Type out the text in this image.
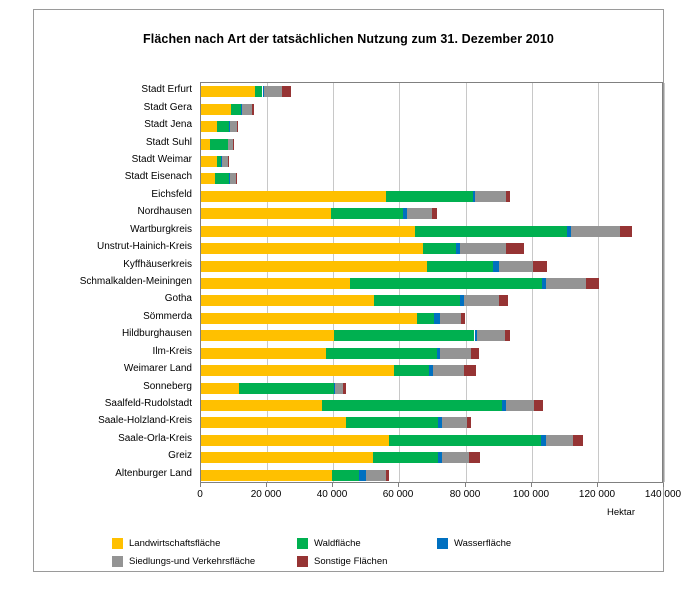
Flächen nach Art der tatsächlichen Nutzung zum 31. Dezember 2010
Hektar
Landwirtschaftsfläche	Waldfläche	Wasserfläche
Siedlungs-und Verkehrsfläche	Sonstige Flächen
Stadt Erfurt
Stadt Gera
Stadt Jena
Stadt Suhl
Stadt Weimar
Stadt Eisenach
Eichsfeld
Nordhausen
Wartburgkreis
Unstrut-Hainich-Kreis
Kyffhäuserkreis
Schmalkalden-Meiningen
Gotha
Sömmerda
Hildburghausen
Ilm-Kreis
Weimarer Land
Sonneberg
Saalfeld-Rudolstadt
Saale-Holzland-Kreis
Saale-Orla-Kreis
Greiz
Altenburger Land
0	20 000	40 000	60 000	80 000	100 000	120 000	140 000
